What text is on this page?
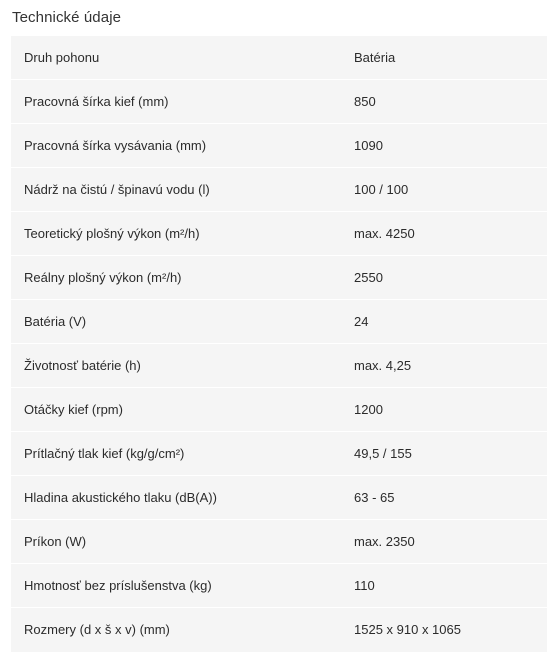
Technické údaje
Druh pohonu	Batéria
Pracovná šírka kief (mm)	850
Pracovná šírka vysávania (mm)	1090
Nádrž na čistú / špinavú vodu (l)	100 / 100
Teoretický plošný výkon (m²/h)	max. 4250
Reálny plošný výkon (m²/h)	2550
Batéria (V)	24
Životnosť batérie (h)	max. 4,25
Otáčky kief (rpm)	1200
Prítlačný tlak kief (kg/g/cm²)	49,5 / 155
Hladina akustického tlaku (dB(A))	63 - 65
Príkon (W)	max. 2350
Hmotnosť bez príslušenstva (kg)	110
Rozmery (d x š x v) (mm)	1525 x 910 x 1065
